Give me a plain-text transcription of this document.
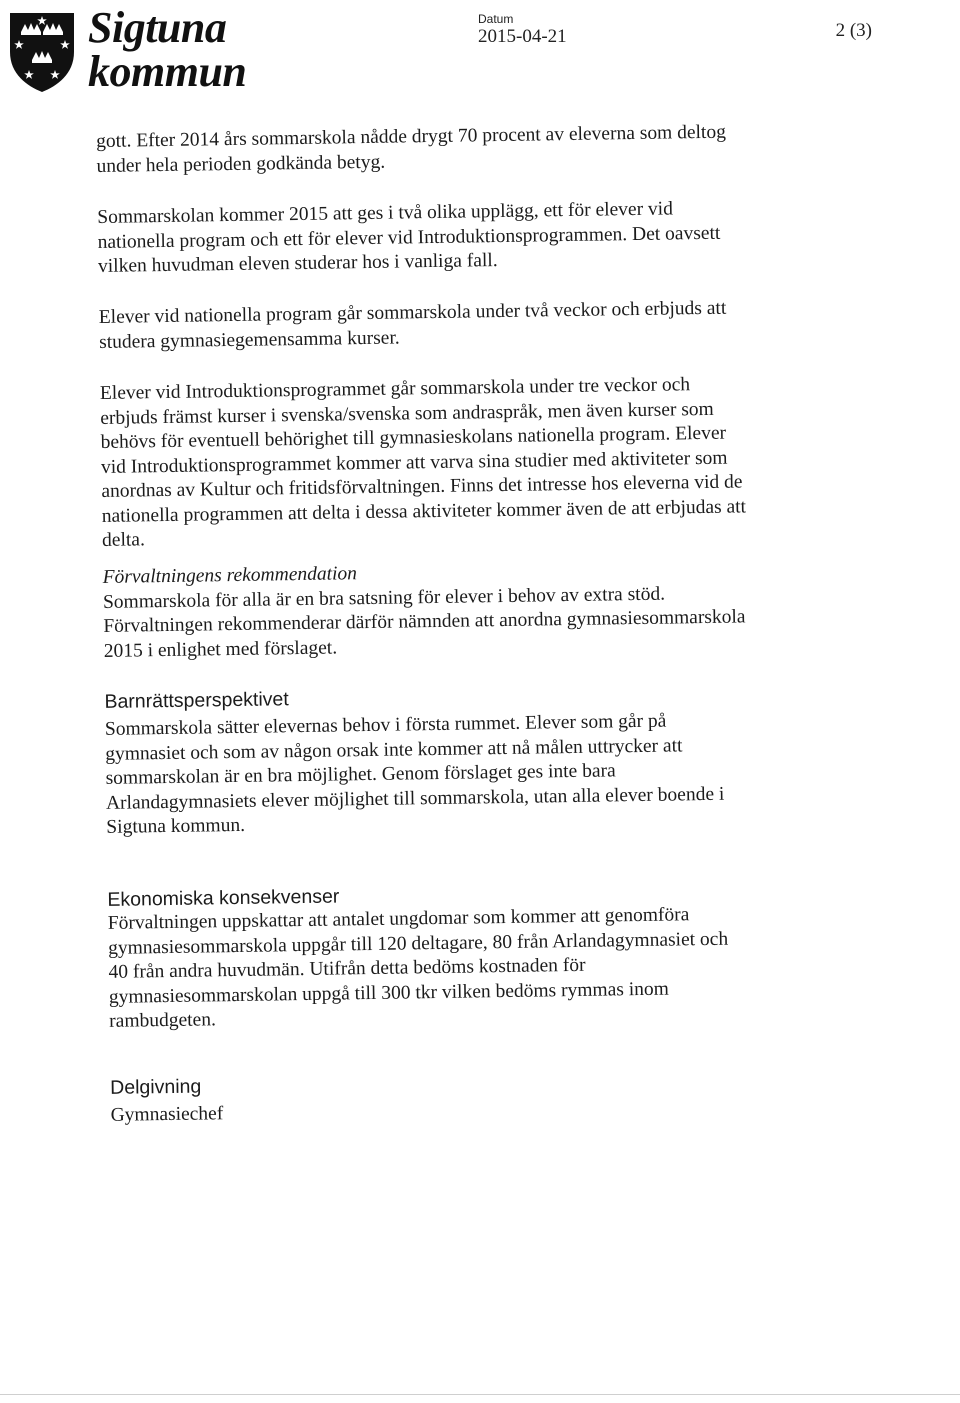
Sigtuna
kommun
Datum
2015-04-21	2 (3)

gott. Efter 2014 års sommarskola nådde drygt 70 procent av eleverna som deltog

under hela perioden godkända betyg.

Sommarskolan kommer 2015 att ges i två olika upplägg, ett för elever vid

nationella program och ett för elever vid Introduktionsprogrammen. Det oavsett

vilken huvudman eleven studerar hos i vanliga fall.

Elever vid nationella program går sommarskola under två veckor och erbjuds att

studera gymnasiegemensamma kurser.

Elever vid Introduktionsprogrammet går sommarskola under tre veckor och

erbjuds främst kurser i svenska/svenska som andraspråk, men även kurser som

behövs för eventuell behörighet till gymnasieskolans nationella program. Elever

vid Introduktionsprogrammet kommer att varva sina studier med aktiviteter som

anordnas av Kultur och fritidsförvaltningen. Finns det intresse hos eleverna vid de

nationella programmen att delta i dessa aktiviteter kommer även de att erbjudas att

delta.

Förvaltningens rekommendation

Sommarskola för alla är en bra satsning för elever i behov av extra stöd.

Förvaltningen rekommenderar därför nämnden att anordna gymnasiesommarskola

2015 i enlighet med förslaget.

Barnrättsperspektivet

Sommarskola sätter elevernas behov i första rummet. Elever som går på

gymnasiet och som av någon orsak inte kommer att nå målen uttrycker att

sommarskolan är en bra möjlighet. Genom förslaget ges inte bara

Arlandagymnasiets elever möjlighet till sommarskola, utan alla elever boende i

Sigtuna kommun.

Ekonomiska konsekvenser

Förvaltningen uppskattar att antalet ungdomar som kommer att genomföra

gymnasiesommarskola uppgår till 120 deltagare, 80 från Arlandagymnasiet och

40 från andra huvudmän. Utifrån detta bedöms kostnaden för

gymnasiesommarskolan uppgå till 300 tkr vilken bedöms rymmas inom

rambudgeten.

Delgivning

Gymnasiechef
